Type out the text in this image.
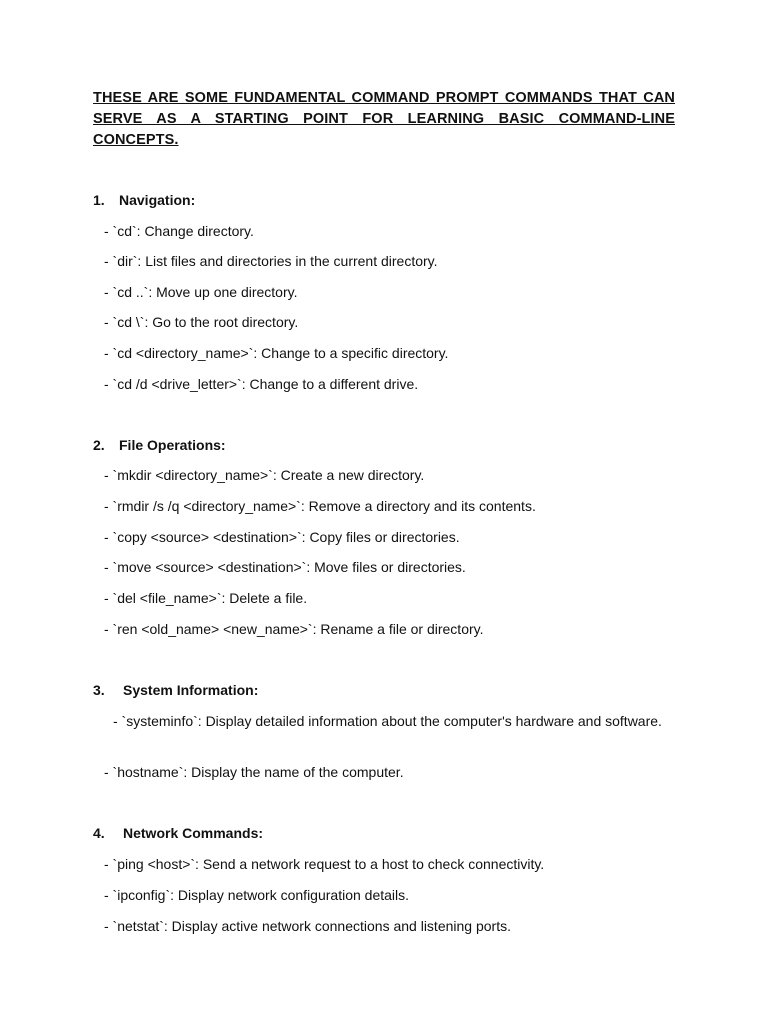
THESE ARE SOME FUNDAMENTAL COMMAND PROMPT COMMANDS THAT CAN SERVE AS A STARTING POINT FOR LEARNING BASIC COMMAND-LINE CONCEPTS.
1. Navigation:
- `cd`: Change directory.
- `dir`: List files and directories in the current directory.
- `cd ..`: Move up one directory.
- `cd \`: Go to the root directory.
- `cd <directory_name>`: Change to a specific directory.
- `cd /d <drive_letter>`: Change to a different drive.
2. File Operations:
- `mkdir <directory_name>`: Create a new directory.
- `rmdir /s /q <directory_name>`: Remove a directory and its contents.
- `copy <source> <destination>`: Copy files or directories.
- `move <source> <destination>`: Move files or directories.
- `del <file_name>`: Delete a file.
- `ren <old_name> <new_name>`: Rename a file or directory.
3. System Information:
- `systeminfo`: Display detailed information about the computer's hardware and software.
- `hostname`: Display the name of the computer.
4. Network Commands:
- `ping <host>`: Send a network request to a host to check connectivity.
- `ipconfig`: Display network configuration details.
- `netstat`: Display active network connections and listening ports.
